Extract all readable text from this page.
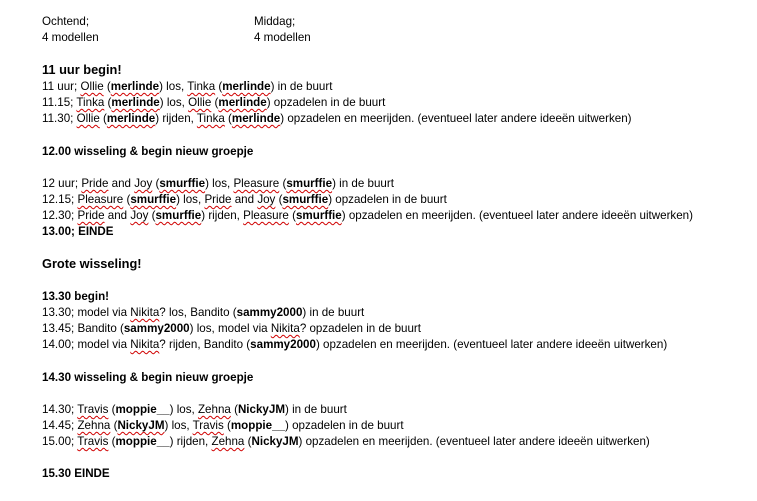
Ochtend;
4 modellen
Middag;
4 modellen
11 uur begin!
11 uur; Ollie (merlinde) los, Tinka (merlinde) in de buurt
11.15; Tinka (merlinde) los, Ollie (merlinde) opzadelen in de buurt
11.30; Ollie (merlinde) rijden, Tinka (merlinde) opzadelen en meerijden. (eventueel later andere ideeën uitwerken)
12.00 wisseling & begin nieuw groepje
12 uur; Pride and Joy (smurffie) los, Pleasure (smurffie) in de buurt
12.15; Pleasure (smurffie) los, Pride and Joy (smurffie) opzadelen in de buurt
12.30; Pride and Joy (smurffie) rijden, Pleasure (smurffie) opzadelen en meerijden. (eventueel later andere ideeën uitwerken)
13.00; EINDE
Grote wisseling!
13.30 begin!
13.30; model via Nikita? los, Bandito (sammy2000) in de buurt
13.45; Bandito (sammy2000) los, model via Nikita? opzadelen in de buurt
14.00; model via Nikita? rijden, Bandito (sammy2000) opzadelen en meerijden. (eventueel later andere ideeën uitwerken)
14.30 wisseling & begin nieuw groepje
14.30; Travis (moppie__) los, Zehna (NickyJM) in de buurt
14.45; Zehna (NickyJM) los, Travis (moppie__) opzadelen in de buurt
15.00; Travis (moppie__) rijden, Zehna (NickyJM) opzadelen en meerijden. (eventueel later andere ideeën uitwerken)
15.30 EINDE
